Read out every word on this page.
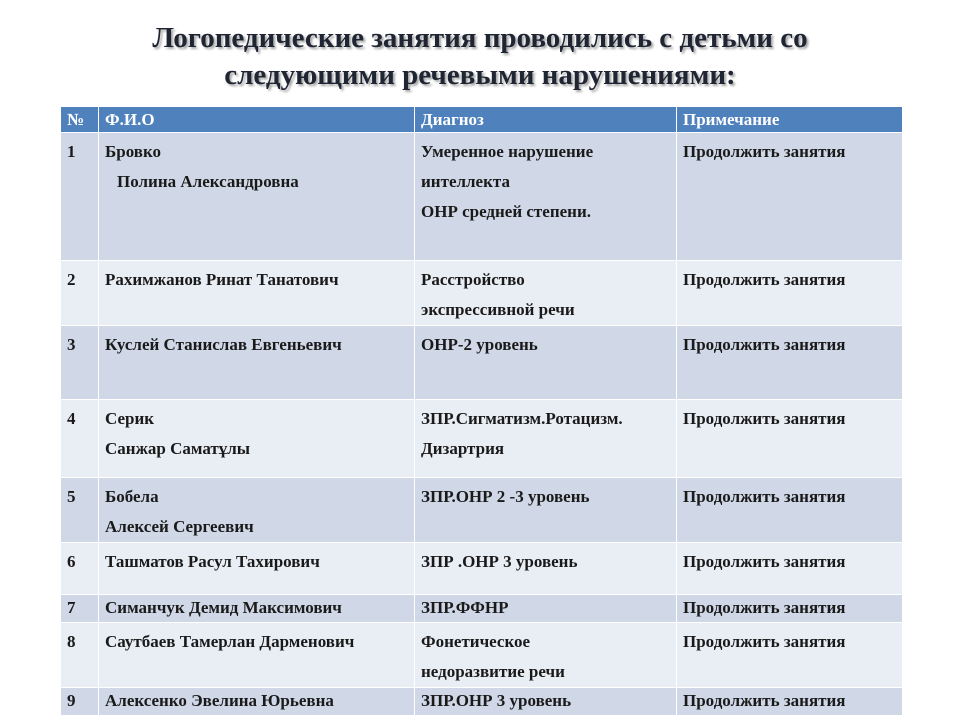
Логопедические занятия проводились с детьми со
следующими речевыми нарушениями:
№	Ф.И.О	Диагноз	Примечание
1	Бровко
Полина Александровна	Умеренное нарушение
интеллекта
ОНР средней степени.	Продолжить занятия
2	Рахимжанов Ринат Танатович	Расстройство
экспрессивной речи	Продолжить занятия
3	Куслей Станислав Евгеньевич	ОНР-2 уровень	Продолжить занятия
4	Серик
Санжар Саматұлы	ЗПР.Сигматизм.Ротацизм.
Дизартрия	Продолжить занятия
5	Бобела
Алексей Сергеевич	ЗПР.ОНР 2 -3 уровень	Продолжить занятия
6	Ташматов Расул Тахирович	ЗПР .ОНР 3 уровень	Продолжить занятия
7	Симанчук Демид Максимович	ЗПР.ФФНР	Продолжить занятия
8	Саутбаев Тамерлан Дарменович	Фонетическое
недоразвитие речи	Продолжить занятия
9	Алексенко Эвелина Юрьевна	ЗПР.ОНР 3 уровень	Продолжить занятия
